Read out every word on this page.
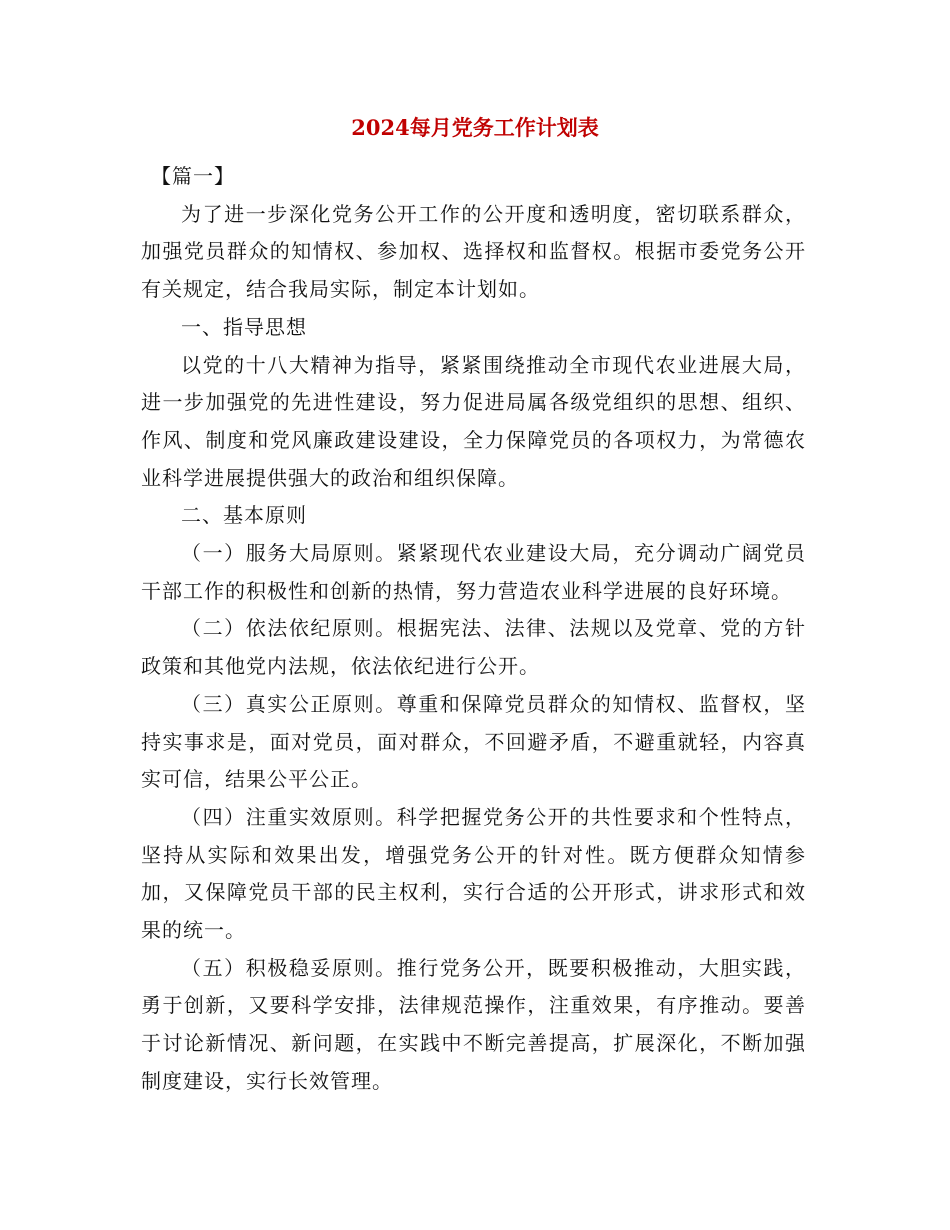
2024每月党务工作计划表

【篇一】

为了进一步深化党务公开工作的公开度和透明度，密切联系群众，加强党员群众的知情权、参加权、选择权和监督权。根据市委党务公开有关规定，结合我局实际，制定本计划如。

一、指导思想

以党的十八大精神为指导，紧紧围绕推动全市现代农业进展大局，进一步加强党的先进性建设，努力促进局属各级党组织的思想、组织、作风、制度和党风廉政建设建设，全力保障党员的各项权力，为常德农业科学进展提供强大的政治和组织保障。

二、基本原则

（一）服务大局原则。紧紧现代农业建设大局，充分调动广阔党员干部工作的积极性和创新的热情，努力营造农业科学进展的良好环境。

（二）依法依纪原则。根据宪法、法律、法规以及党章、党的方针政策和其他党内法规，依法依纪进行公开。

（三）真实公正原则。尊重和保障党员群众的知情权、监督权，坚持实事求是，面对党员，面对群众，不回避矛盾，不避重就轻，内容真实可信，结果公平公正。

（四）注重实效原则。科学把握党务公开的共性要求和个性特点，坚持从实际和效果出发，增强党务公开的针对性。既方便群众知情参加，又保障党员干部的民主权利，实行合适的公开形式，讲求形式和效果的统一。

（五）积极稳妥原则。推行党务公开，既要积极推动，大胆实践，勇于创新，又要科学安排，法律规范操作，注重效果，有序推动。要善于讨论新情况、新问题，在实践中不断完善提高，扩展深化，不断加强制度建设，实行长效管理。
